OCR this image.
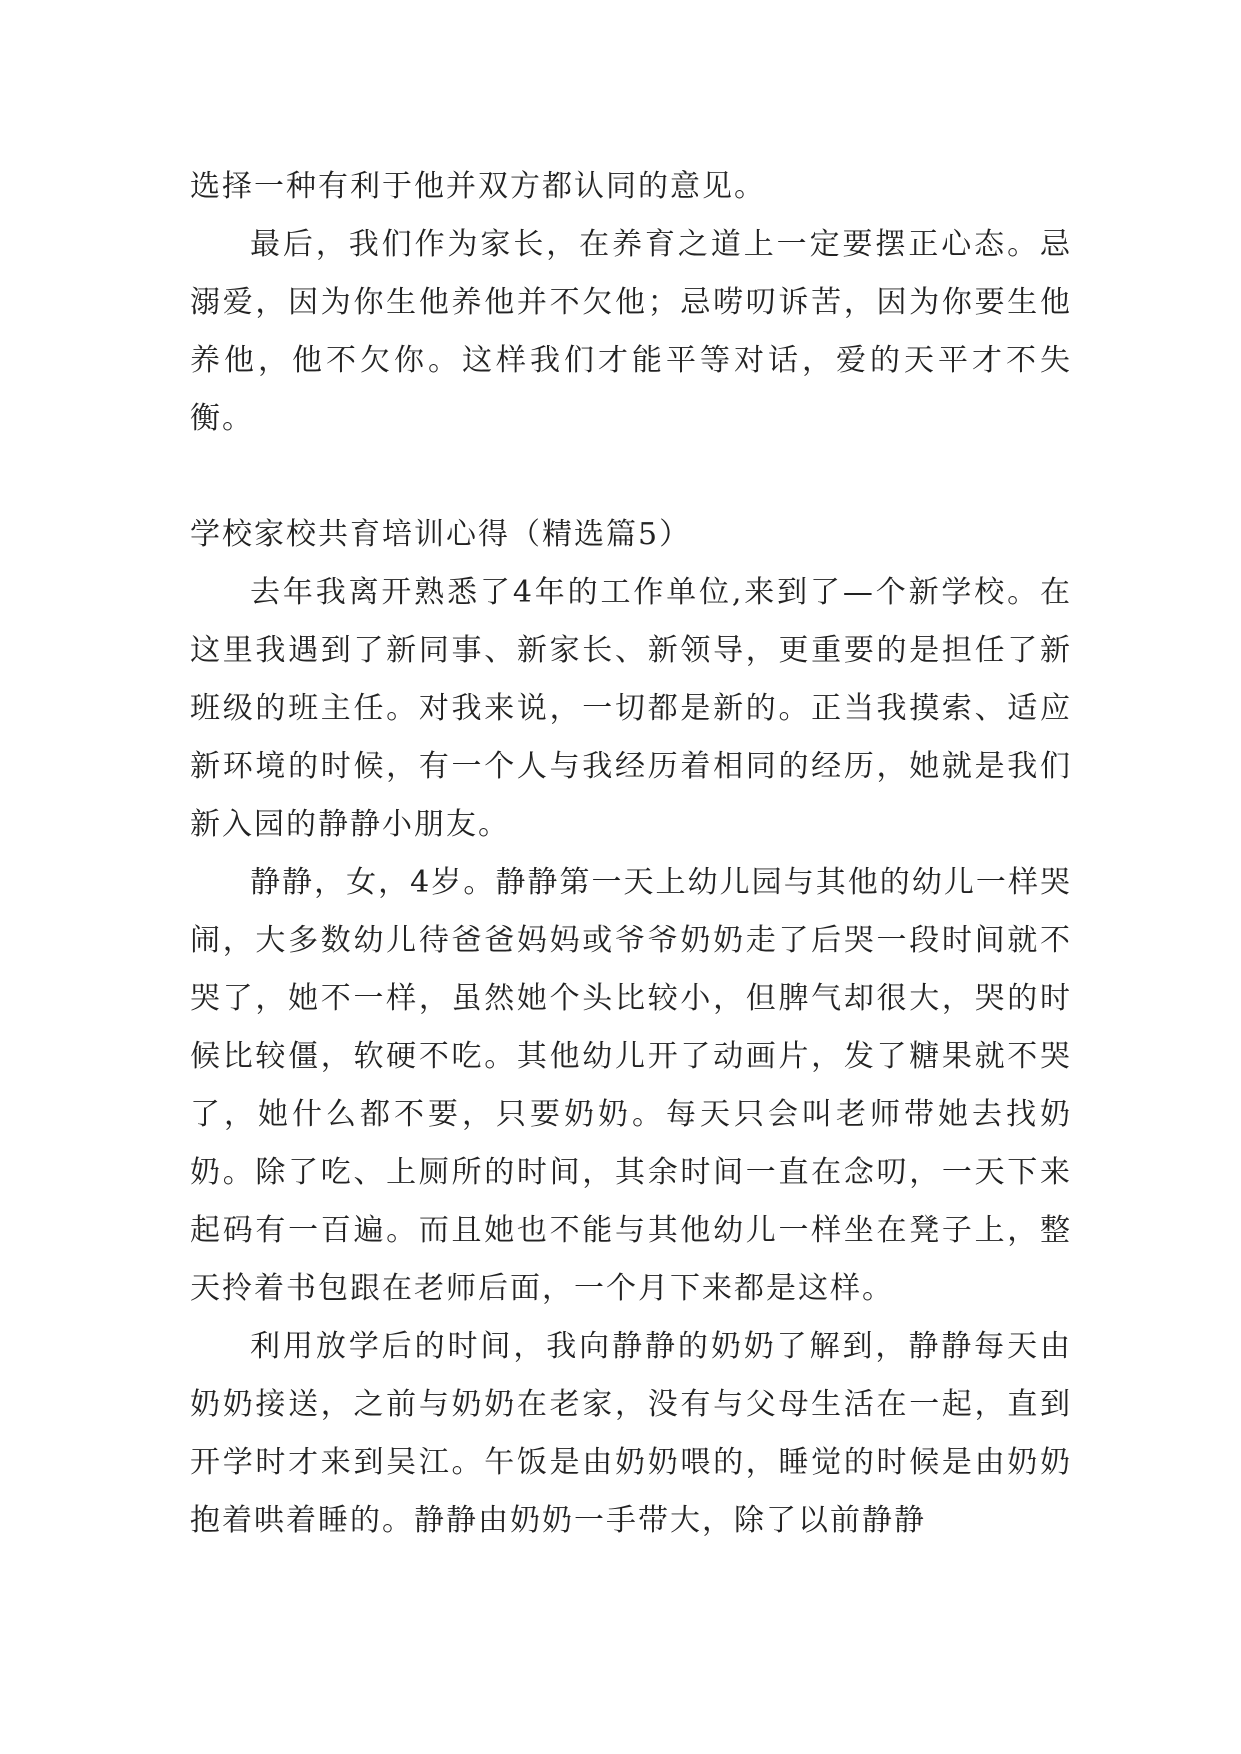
选择一种有利于他并双方都认同的意见。

最后，我们作为家长，在养育之道上一定要摆正心态。忌溺爱，因为你生他养他并不欠他；忌唠叨诉苦，因为你要生他养他，他不欠你。这样我们才能平等对话，爱的天平才不失衡。

学校家校共育培训心得（精选篇5）

去年我离开熟悉了4年的工作单位,来到了—个新学校。在这里我遇到了新同事、新家长、新领导，更重要的是担任了新班级的班主任。对我来说，一切都是新的。正当我摸索、适应新环境的时候，有一个人与我经历着相同的经历，她就是我们新入园的静静小朋友。

静静，女，4岁。静静第一天上幼儿园与其他的幼儿一样哭闹，大多数幼儿待爸爸妈妈或爷爷奶奶走了后哭一段时间就不哭了，她不一样，虽然她个头比较小，但脾气却很大，哭的时候比较僵，软硬不吃。其他幼儿开了动画片，发了糖果就不哭了，她什么都不要，只要奶奶。每天只会叫老师带她去找奶奶。除了吃、上厕所的时间，其余时间一直在念叨，一天下来起码有一百遍。而且她也不能与其他幼儿一样坐在凳子上，整天拎着书包跟在老师后面，一个月下来都是这样。

利用放学后的时间，我向静静的奶奶了解到，静静每天由奶奶接送，之前与奶奶在老家，没有与父母生活在一起，直到开学时才来到吴江。午饭是由奶奶喂的，睡觉的时候是由奶奶抱着哄着睡的。静静由奶奶一手带大，除了以前静静
